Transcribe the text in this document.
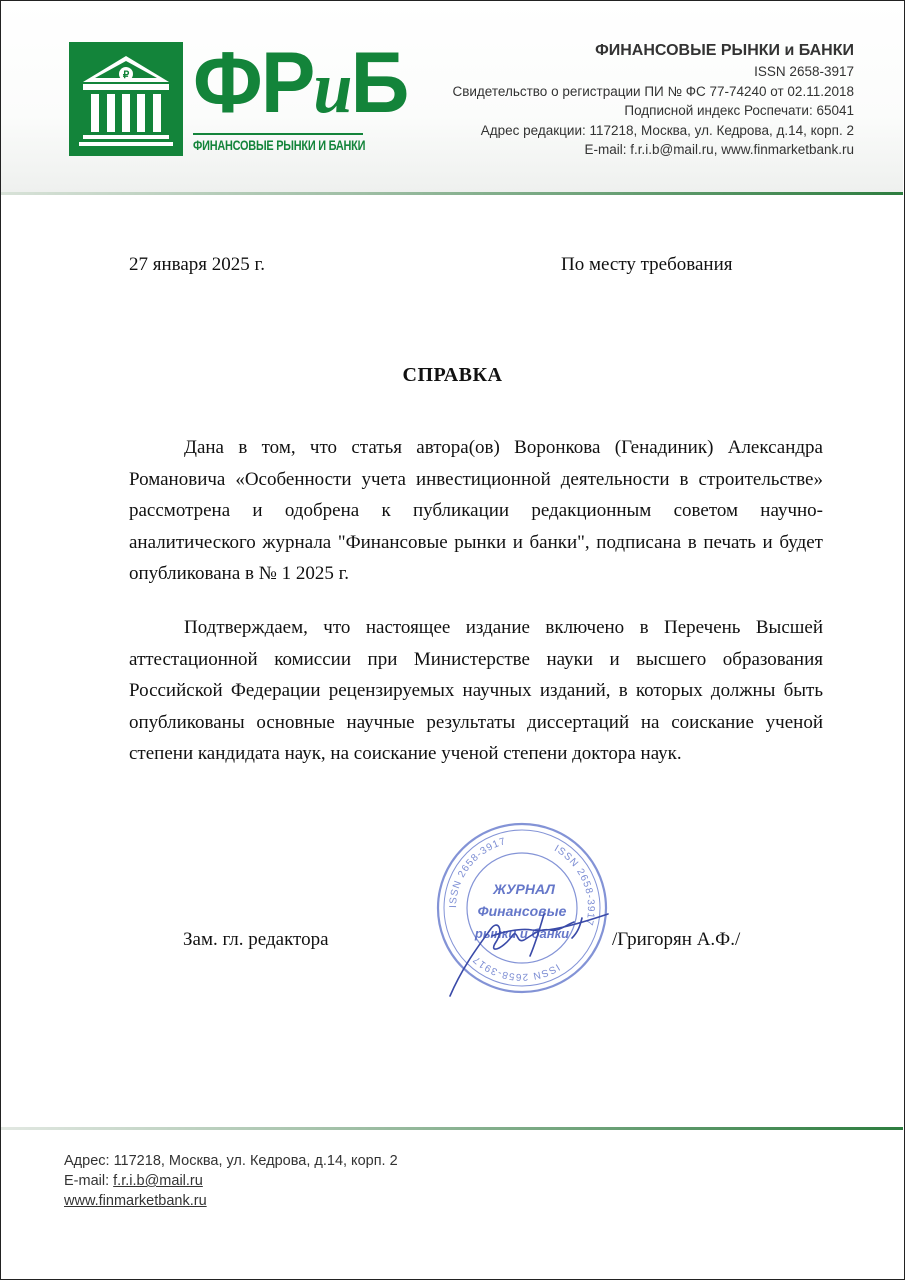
₽ ФРиБ
ФИНАНСОВЫЕ РЫНКИ И БАНКИ
ФИНАНСОВЫЕ РЫНКИ и БАНКИ
ISSN 2658-3917
Свидетельство о регистрации ПИ № ФС 77-74240 от 02.11.2018
Подписной индекс Роспечати: 65041
Адрес редакции: 117218, Москва, ул. Кедрова, д.14, корп. 2
E-mail: f.r.i.b@mail.ru, www.finmarketbank.ru
27 января 2025 г.	По месту требования
СПРАВКА
Дана в том, что статья автора(ов) Воронкова (Генадиник) Александра Романовича «Особенности учета инвестиционной деятельности в строительстве» рассмотрена и одобрена к публикации редакционным советом научно-аналитического журнала "Финансовые рынки и банки", подписана в печать и будет опубликована в № 1 2025 г.
Подтверждаем, что настоящее издание включено в Перечень Высшей аттестационной комиссии при Министерстве науки и высшего образования Российской Федерации рецензируемых научных изданий, в которых должны быть опубликованы основные научные результаты диссертаций на соискание ученой степени кандидата наук, на соискание ученой степени доктора наук.
Зам. гл. редактора	/Григорян А.Ф./
ISSN 2658-3917
ISSN 2658-3917
ISSN 2658-3917
ЖУРНАЛ
Финансовые
рынки и банки
Адрес: 117218, Москва, ул. Кедрова, д.14, корп. 2
E-mail: f.r.i.b@mail.ru
www.finmarketbank.ru
